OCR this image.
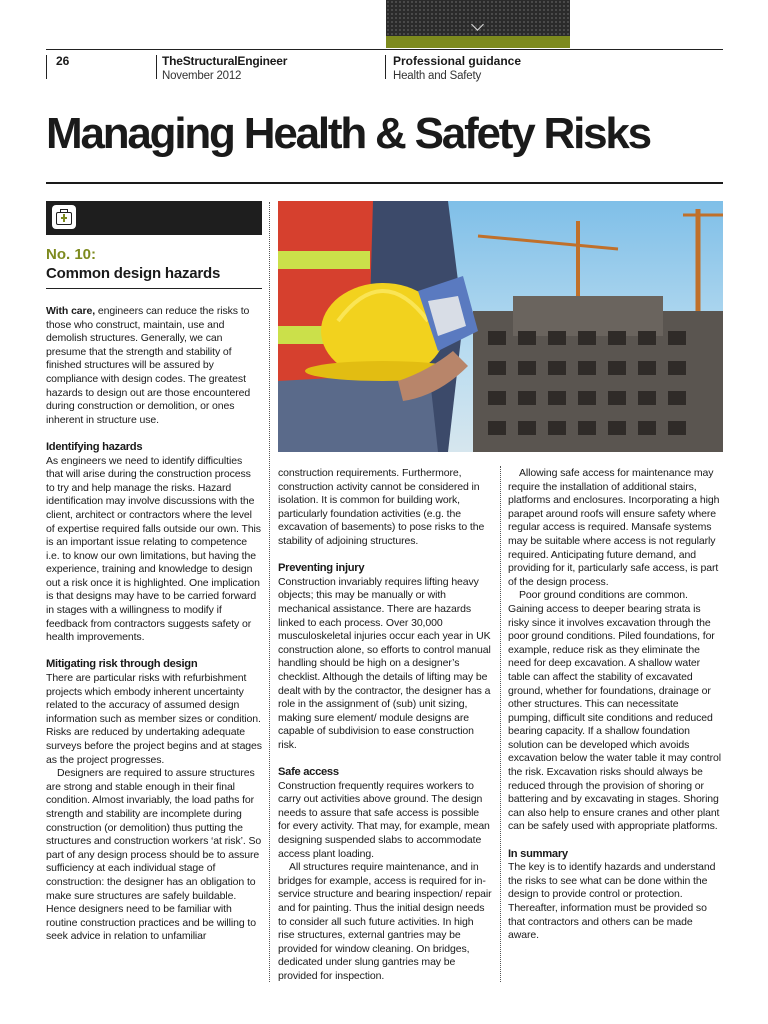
26	TheStructuralEngineer
November 2012
Professional guidance
Health and Safety
Managing Health & Safety Risks
No. 10:
Common design hazards

With care, engineers can reduce the risks to those who construct, maintain, use and demolish structures. Generally, we can presume that the strength and stability of finished structures will be assured by compliance with design codes. The greatest hazards to design out are those encountered during construction or demolition, or ones inherent in structure use.

Identifying hazards

As engineers we need to identify difficulties that will arise during the construction process to try and help manage the risks. Hazard identification may involve discussions with the client, architect or contractors where the level of expertise required falls outside our own. This is an important issue relating to competence i.e. to know our own limitations, but having the experience, training and knowledge to design out a risk once it is highlighted. One implication is that designs may have to be carried forward in stages with a willingness to modify if feedback from contractors suggests safety or health improvements.

Mitigating risk through design

There are particular risks with refurbishment projects which embody inherent uncertainty related to the accuracy of assumed design information such as member sizes or condition. Risks are reduced by undertaking adequate surveys before the project begins and at stages as the project progresses.

Designers are required to assure structures are strong and stable enough in their final condition. Almost invariably, the load paths for strength and stability are incomplete during construction (or demolition) thus putting the structures and construction workers ‘at risk’. So part of any design process should be to assure sufficiency at each individual stage of construction: the designer has an obligation to make sure structures are safely buildable. Hence designers need to be familiar with routine construction practices and be willing to seek advice in relation to unfamiliar

construction requirements. Furthermore, construction activity cannot be considered in isolation. It is common for building work, particularly foundation activities (e.g. the excavation of basements) to pose risks to the stability of adjoining structures.

Preventing injury

Construction invariably requires lifting heavy objects; this may be manually or with mechanical assistance. There are hazards linked to each process. Over 30,000 musculoskeletal injuries occur each year in UK construction alone, so efforts to control manual handling should be high on a designer’s checklist. Although the details of lifting may be dealt with by the contractor, the designer has a role in the assignment of (sub) unit sizing, making sure element/ module designs are capable of subdivision to ease construction risk.

Safe access

Construction frequently requires workers to carry out activities above ground. The design needs to assure that safe access is possible for every activity. That may, for example, mean designing suspended slabs to accommodate access plant loading.

All structures require maintenance, and in bridges for example, access is required for in-service structure and bearing inspection/ repair and for painting. Thus the initial design needs to consider all such future activities. In high rise structures, external gantries may be provided for window cleaning. On bridges, dedicated under slung gantries may be provided for inspection.

Allowing safe access for maintenance may require the installation of additional stairs, platforms and enclosures. Incorporating a high parapet around roofs will ensure safety where regular access is required. Mansafe systems may be suitable where access is not regularly required. Anticipating future demand, and providing for it, particularly safe access, is part of the design process.

Poor ground conditions are common. Gaining access to deeper bearing strata is risky since it involves excavation through the poor ground conditions. Piled foundations, for example, reduce risk as they eliminate the need for deep excavation. A shallow water table can affect the stability of excavated ground, whether for foundations, drainage or other structures. This can necessitate pumping, difficult site conditions and reduced bearing capacity. If a shallow foundation solution can be developed which avoids excavation below the water table it may control the risk. Excavation risks should always be reduced through the provision of shoring or battering and by excavating in stages. Shoring can also help to ensure cranes and other plant can be safely used with appropriate platforms.

In summary

The key is to identify hazards and understand the risks to see what can be done within the design to provide control or protection. Thereafter, information must be provided so that contractors and others can be made aware.
